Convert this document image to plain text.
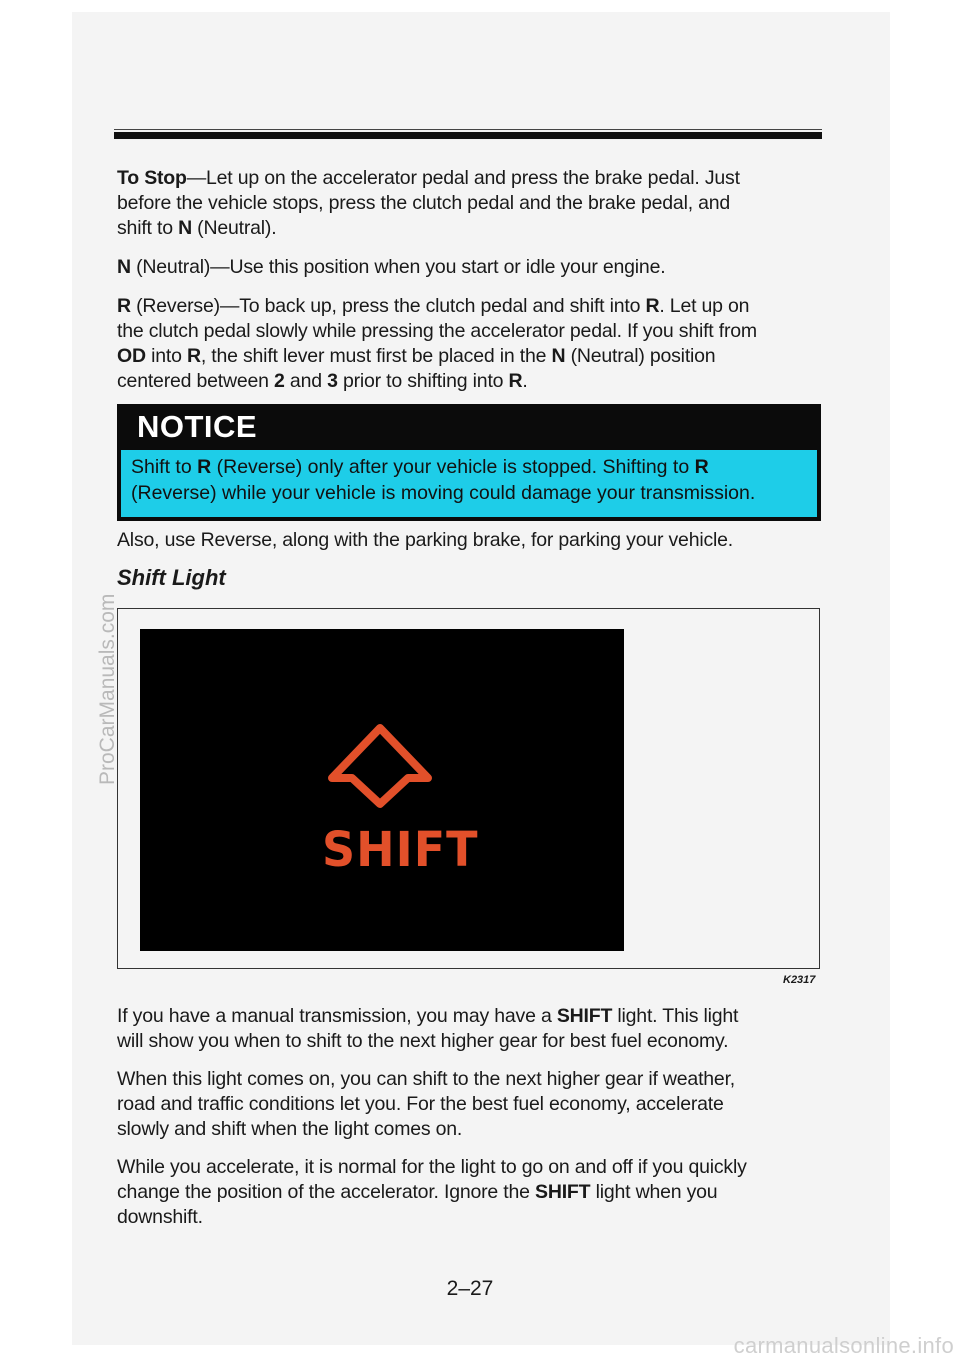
To Stop—Let up on the accelerator pedal and press the brake pedal. Just
before the vehicle stops, press the clutch pedal and the brake pedal, and
shift to N (Neutral).
N (Neutral)—Use this position when you start or idle your engine.
R (Reverse)—To back up, press the clutch pedal and shift into R. Let up on
the clutch pedal slowly while pressing the accelerator pedal. If you shift from
OD into R, the shift lever must first be placed in the N (Neutral) position
centered between 2 and 3 prior to shifting into R.
NOTICE
Shift to R (Reverse) only after your vehicle is stopped. Shifting to R
(Reverse) while your vehicle is moving could damage your transmission.
Also, use Reverse, along with the parking brake, for parking your vehicle.
Shift Light
SHIFT
K2317
If you have a manual transmission, you may have a SHIFT light. This light
will show you when to shift to the next higher gear for best fuel economy.
When this light comes on, you can shift to the next higher gear if weather,
road and traffic conditions let you. For the best fuel economy, accelerate
slowly and shift when the light comes on.
While you accelerate, it is normal for the light to go on and off if you quickly
change the position of the accelerator. Ignore the SHIFT light when you
downshift.
2–27
ProCarManuals.com
carmanualsonline.info
